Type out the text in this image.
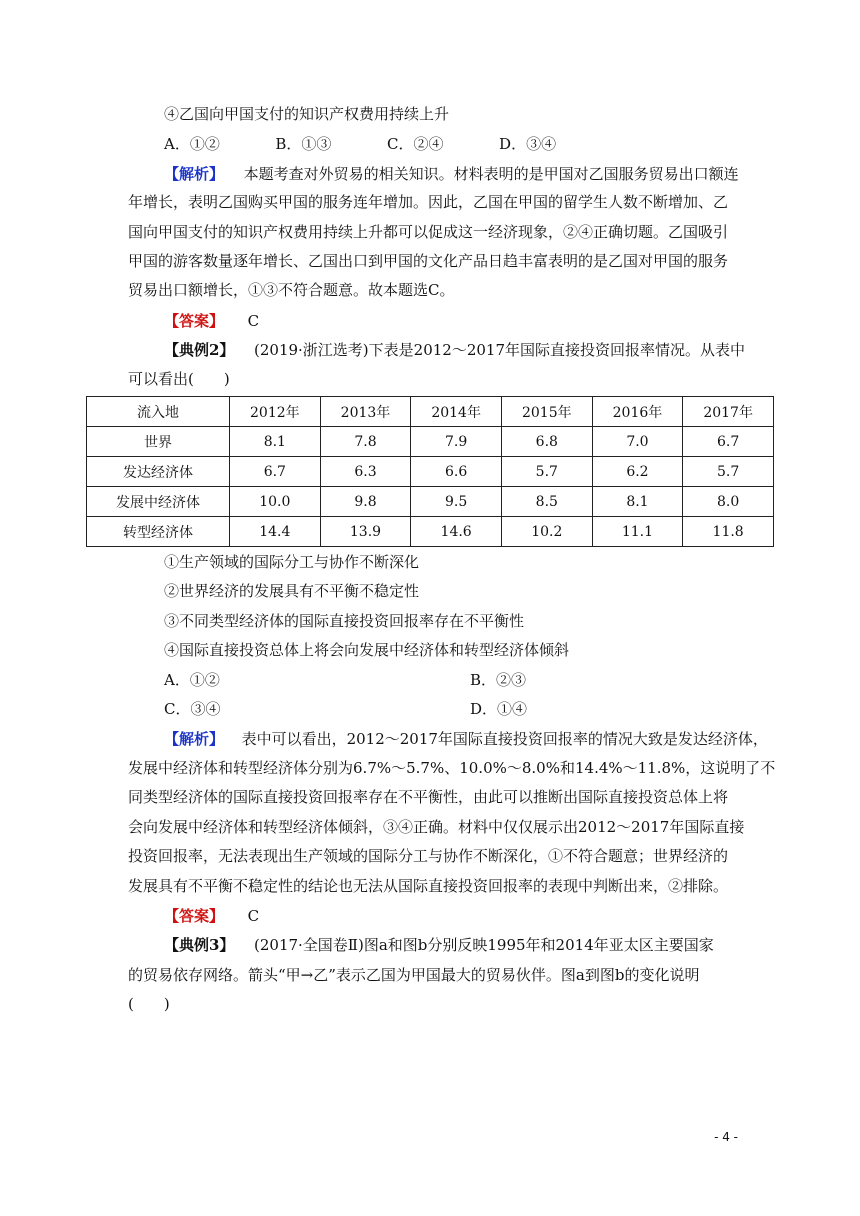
④乙国向甲国支付的知识产权费用持续上升
A．①②	B．①③	C．②④	D．③④
【解析】 本题考查对外贸易的相关知识。材料表明的是甲国对乙国服务贸易出口额连
年增长，表明乙国购买甲国的服务连年增加。因此，乙国在甲国的留学生人数不断增加、乙
国向甲国支付的知识产权费用持续上升都可以促成这一经济现象，②④正确切题。乙国吸引
甲国的游客数量逐年增长、乙国出口到甲国的文化产品日趋丰富表明的是乙国对甲国的服务
贸易出口额增长，①③不符合题意。故本题选C。
【答案】 C
【典例2】 (2019·浙江选考)下表是2012～2017年国际直接投资回报率情况。从表中
可以看出(　　)
流入地	2012年	2013年	2014年	2015年	2016年	2017年
世界	8.1	7.8	7.9	6.8	7.0	6.7
发达经济体	6.7	6.3	6.6	5.7	6.2	5.7
发展中经济体	10.0	9.8	9.5	8.5	8.1	8.0
转型经济体	14.4	13.9	14.6	10.2	11.1	11.8
①生产领域的国际分工与协作不断深化
②世界经济的发展具有不平衡不稳定性
③不同类型经济体的国际直接投资回报率存在不平衡性
④国际直接投资总体上将会向发展中经济体和转型经济体倾斜
A．①②	B．②③
C．③④	D．①④
【解析】 表中可以看出，2012～2017年国际直接投资回报率的情况大致是发达经济体，
发展中经济体和转型经济体分别为6.7%～5.7%、10.0%～8.0%和14.4%～11.8%，这说明了不
同类型经济体的国际直接投资回报率存在不平衡性，由此可以推断出国际直接投资总体上将
会向发展中经济体和转型经济体倾斜，③④正确。材料中仅仅展示出2012～2017年国际直接
投资回报率，无法表现出生产领域的国际分工与协作不断深化，①不符合题意；世界经济的
发展具有不平衡不稳定性的结论也无法从国际直接投资回报率的表现中判断出来，②排除。
【答案】 C
【典例3】 (2017·全国卷Ⅱ)图a和图b分别反映1995年和2014年亚太区主要国家
的贸易依存网络。箭头“甲→乙”表示乙国为甲国最大的贸易伙伴。图a到图b的变化说明
(　　)
- 4 -
